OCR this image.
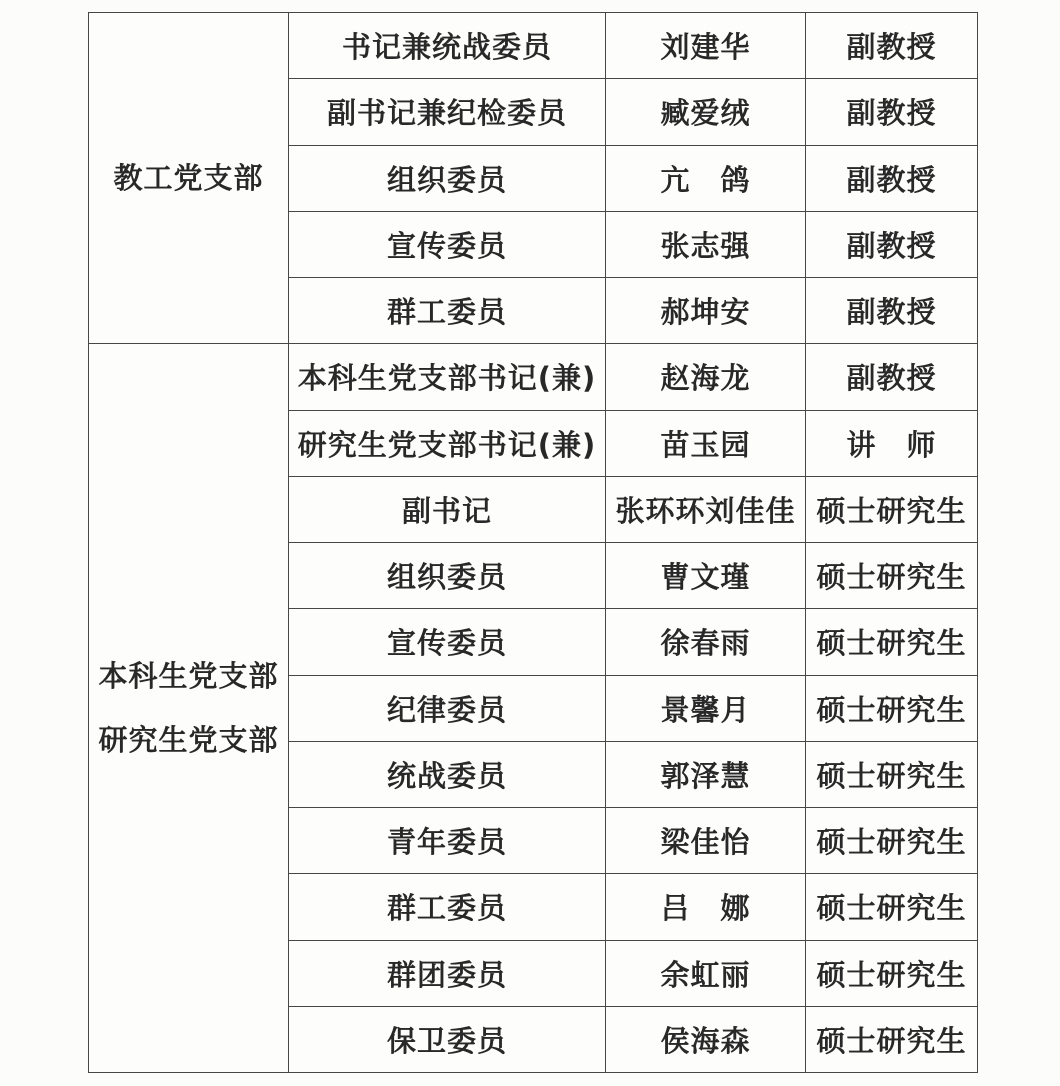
教工党支部	书记兼统战委员	刘建华	副教授
	副书记兼纪检委员	臧爱绒	副教授
	组织委员	亢　鸽	副教授
	宣传委员	张志强	副教授
	群工委员	郝坤安	副教授

本科生党支部
研究生党支部	本科生党支部书记(兼)	赵海龙	副教授
	研究生党支部书记(兼)	苗玉园	讲　师
	副书记	张环环刘佳佳	硕士研究生
	组织委员	曹文瑾	硕士研究生
	宣传委员	徐春雨	硕士研究生
	纪律委员	景馨月	硕士研究生
	统战委员	郭泽慧	硕士研究生
	青年委员	梁佳怡	硕士研究生
	群工委员	吕　娜	硕士研究生
	群团委员	余虹丽	硕士研究生
	保卫委员	侯海森	硕士研究生
